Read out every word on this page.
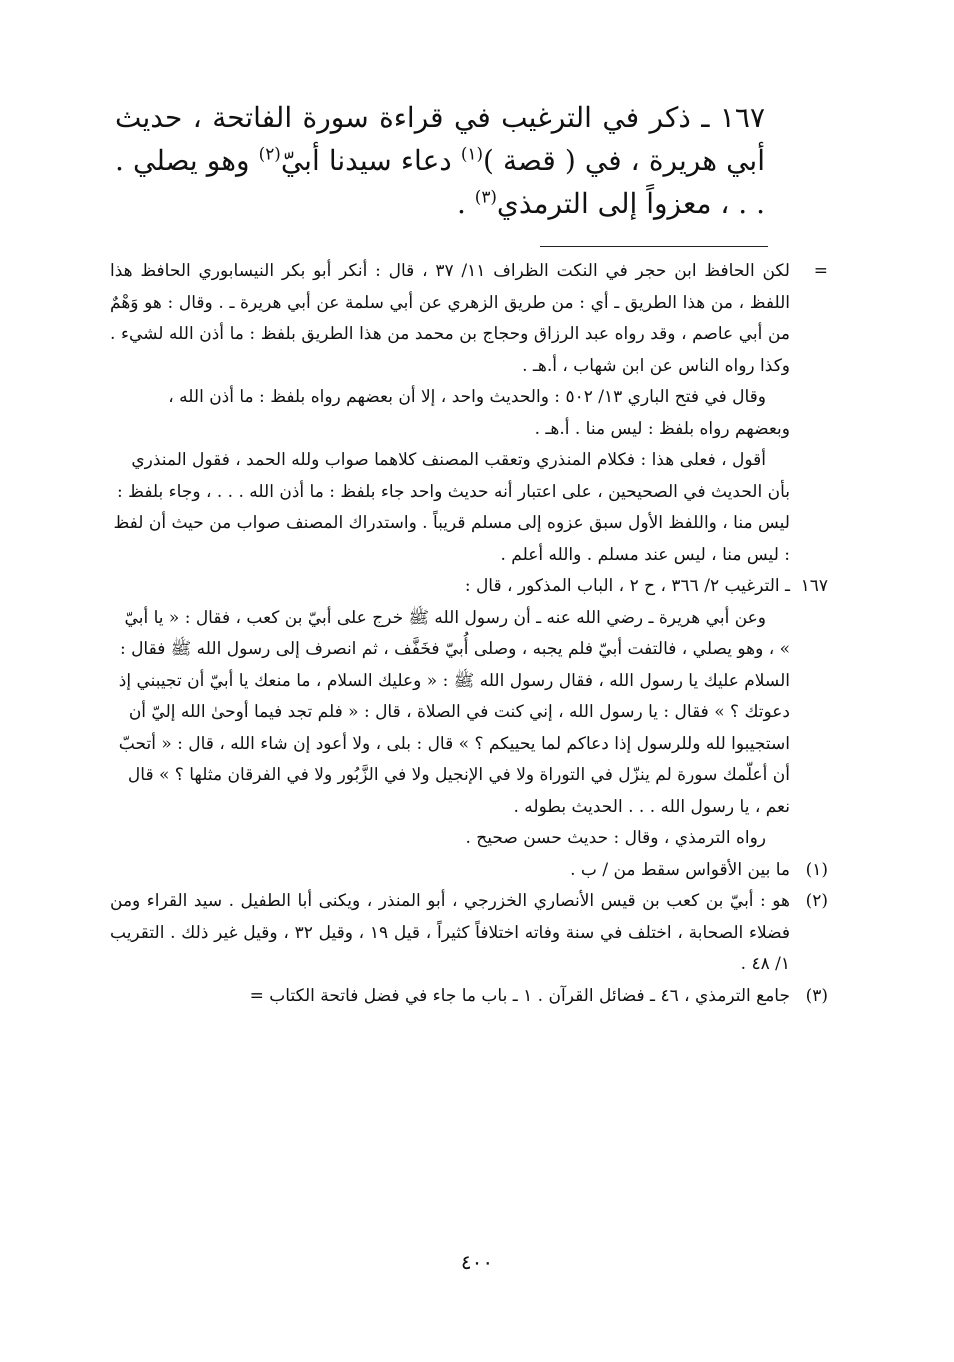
١٦٧ ـ ذكر في الترغيب في قراءة سورة الفاتحة ، حديث أبي هريرة ، في ( قصة )$^{(١)}$ دعاء سيدنا أبيّ$^{(٢)}$ وهو يصلي . . . ، معزواً إلى الترمذي$^{(٣)}$ .

=
لكن الحافظ ابن حجر في النكت الظراف ١١/ ٣٧ ، قال : أنكر أبو بكر النيسابوري الحافظ هذا اللفظ ، من هذا الطريق ـ أي : من طريق الزهري عن أبي سلمة عن أبي هريرة ـ . وقال : هو وَهْمٌ من أبي عاصم ، وقد رواه عبد الرزاق وحجاج بن محمد من هذا الطريق بلفظ : ما أذن الله لشيء . وكذا رواه الناس عن ابن شهاب ، أ.هـ .
وقال في فتح الباري ١٣/ ٥٠٢ : والحديث واحد ، إلا أن بعضهم رواه بلفظ : ما أذن الله ، وبعضهم رواه بلفظ : ليس منا . أ.هـ .
أقول ، فعلى هذا : فكلام المنذري وتعقب المصنف كلاهما صواب ولله الحمد ، فقول المنذري بأن الحديث في الصحيحين ، على اعتبار أنه حديث واحد جاء بلفظ : ما أذن الله . . . ، وجاء بلفظ : ليس منا ، واللفظ الأول سبق عزوه إلى مسلم قريباً . واستدراك المصنف صواب من حيث أن لفظ : ليس منا ، ليس عند مسلم . والله أعلم .
١٦٧
ـ الترغيب ٢/ ٣٦٦ ، ح ٢ ، الباب المذكور ، قال :
وعن أبي هريرة ـ رضي الله عنه ـ أن رسول الله ﷺ خرج على أبيّ بن كعب ، فقال : « يا أبيّ » ، وهو يصلي ، فالتفت أبيّ فلم يجبه ، وصلى أُبيّ فخَفَّف ، ثم انصرف إلى رسول الله ﷺ فقال : السلام عليك يا رسول الله ، فقال رسول الله ﷺ : « وعليك السلام ، ما منعك يا أبيّ أن تجيبني إذ دعوتك ؟ » فقال : يا رسول الله ، إني كنت في الصلاة ، قال : « فلم تجد فيما أوحىٰ الله إليّ أن استجيبوا لله وللرسول إذا دعاكم لما يحييكم ؟ » قال : بلى ، ولا أعود إن شاء الله ، قال : « أتحبّ أن أعلّمك سورة لم ينزّل في التوراة ولا في الإنجيل ولا في الزَّبُور ولا في الفرقان مثلها ؟ » قال نعم ، يا رسول الله . . . الحديث بطوله .
رواه الترمذي ، وقال : حديث حسن صحيح .
(١)
ما بين الأقواس سقط من / ب .
(٢)
هو : أبيّ بن كعب بن قيس الأنصاري الخزرجي ، أبو المنذر ، ويكنى أبا الطفيل . سيد القراء ومن فضلاء الصحابة ، اختلف في سنة وفاته اختلافاً كثيراً ، قيل ١٩ ، وقيل ٣٢ ، وقيل غير ذلك . التقريب ١/ ٤٨ .
(٣)
جامع الترمذي ، ٤٦ ـ فضائل القرآن . ١ ـ باب ما جاء في فضل فاتحة الكتاب =
٤٠٠
